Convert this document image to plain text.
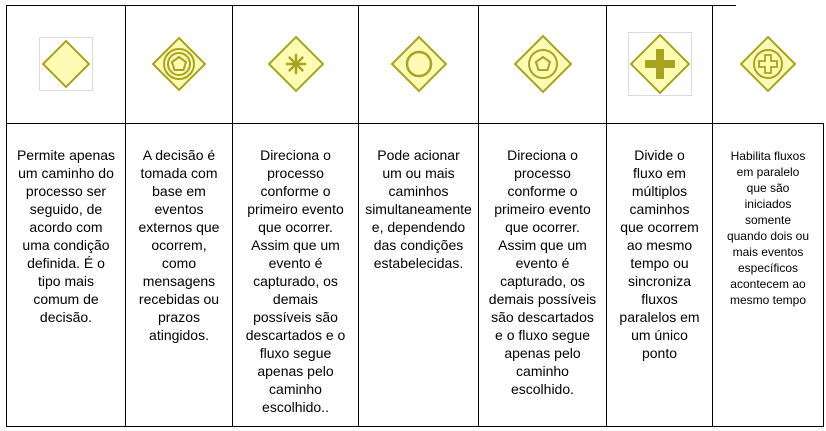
Permite apenas
um caminho do
processo ser
seguido, de
acordo com
uma condição
definida. É o
tipo mais
comum de
decisão.
A decisão é
tomada com
base em
eventos
externos que
ocorrem,
como
mensagens
recebidas ou
prazos
atingidos.
Direciona o
processo
conforme o
primeiro evento
que ocorrer.
Assim que um
evento é
capturado, os
demais
possíveis são
descartados e o
fluxo segue
apenas pelo
caminho
escolhido..
Pode acionar
um ou mais
caminhos
simultaneamente
e, dependendo
das condições
estabelecidas.
Direciona o
processo
conforme o
primeiro evento
que ocorrer.
Assim que um
evento é
capturado, os
demais possíveis
são descartados
e o fluxo segue
apenas pelo
caminho
escolhido.
Divide o
fluxo em
múltiplos
caminhos
que ocorrem
ao mesmo
tempo ou
sincroniza
fluxos
paralelos em
um único
ponto
Habilita fluxos
em paralelo
que são
iniciados
somente
quando dois ou
mais eventos
específicos
acontecem ao
mesmo tempo
